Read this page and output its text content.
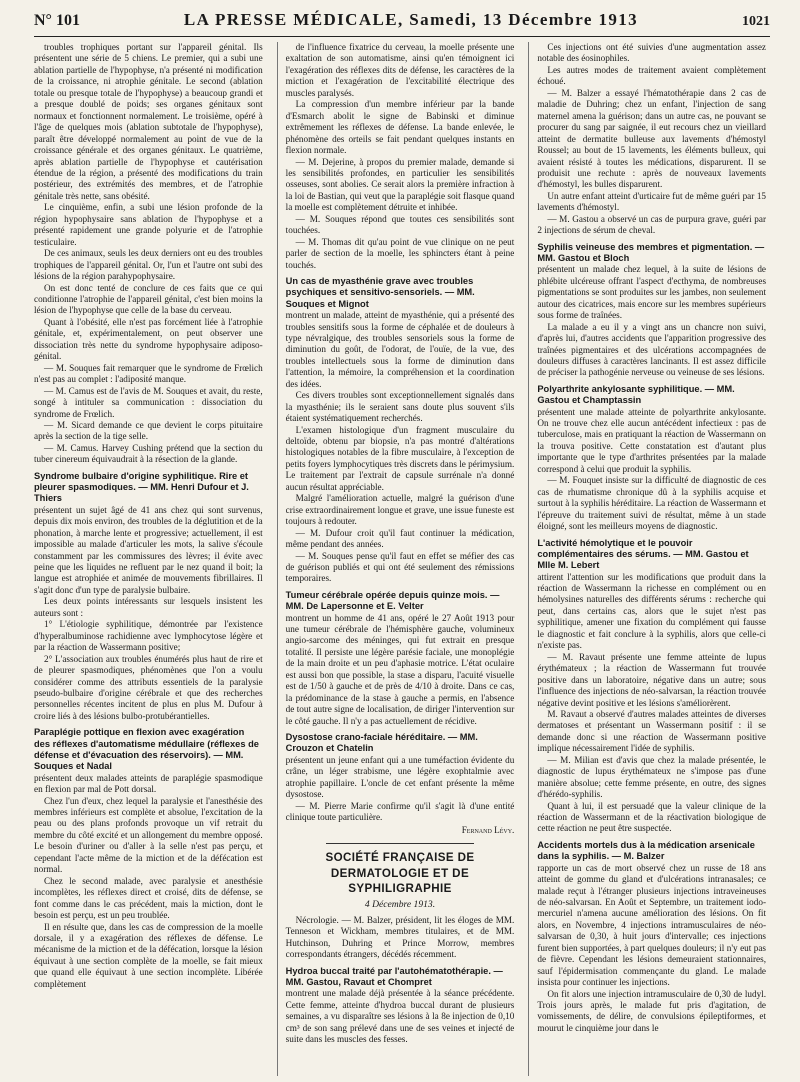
N° 101	LA PRESSE MÉDICALE, Samedi, 13 Décembre 1913	1021

troubles trophiques portant sur l'appareil génital. Ils présentent une série de 5 chiens. Le premier, qui a subi une ablation partielle de l'hypophyse, n'a présenté ni modification de la croissance, ni atrophie génitale. Le second (ablation totale ou presque totale de l'hypophyse) a beaucoup grandi et a presque doublé de poids; ses organes génitaux sont normaux et fonctionnent normalement. Le troisième, opéré à l'âge de quelques mois (ablation subtotale de l'hypophyse), paraît être développé normalement au point de vue de la croissance générale et des organes génitaux. Le quatrième, après ablation partielle de l'hypophyse et cautérisation étendue de la région, a présenté des modifications du train postérieur, des extrémités des membres, et de l'atrophie génitale très nette, sans obésité.

Le cinquième, enfin, a subi une lésion profonde de la région hypophysaire sans ablation de l'hypophyse et a présenté rapidement une grande polyurie et de l'atrophie testiculaire.

De ces animaux, seuls les deux derniers ont eu des troubles trophiques de l'appareil génital. Or, l'un et l'autre ont subi des lésions de la région parahypophysaire.

On est donc tenté de conclure de ces faits que ce qui conditionne l'atrophie de l'appareil génital, c'est bien moins la lésion de l'hypophyse que celle de la base du cerveau.

Quant à l'obésité, elle n'est pas forcément liée à l'atrophie génitale, et, expérimentalement, on peut observer une dissociation très nette du syndrome hypophysaire adiposo-génital.

— M. Souques fait remarquer que le syndrome de Frœlich n'est pas au complet : l'adiposité manque.

— M. Camus est de l'avis de M. Souques et avait, du reste, songé à intituler sa communication : dissociation du syndrome de Frœlich.

— M. Sicard demande ce que devient le corps pituitaire après la section de la tige selle.

— M. Camus. Harvey Cushing prétend que la section du tuber cinereum équivaudrait à la résection de la glande.

Syndrome bulbaire d'origine syphilitique. Rire et pleurer spasmodiques. — MM. Henri Dufour et J. Thiers

présentent un sujet âgé de 41 ans chez qui sont survenus, depuis dix mois environ, des troubles de la déglutition et de la phonation, à marche lente et progressive; actuellement, il est impossible au malade d'articuler les mots, la salive s'écoule constamment par les commissures des lèvres; il évite avec peine que les liquides ne refluent par le nez quand il boit; la langue est atrophiée et animée de mouvements fibrillaires. Il s'agit donc d'un type de paralysie bulbaire.

Les deux points intéressants sur lesquels insistent les auteurs sont :

1° L'étiologie syphilitique, démontrée par l'existence d'hyperalbuminose rachidienne avec lymphocytose légère et par la réaction de Wassermann positive;

2° L'association aux troubles énumérés plus haut de rire et de pleurer spasmodiques, phénomènes que l'on a voulu considérer comme des attributs essentiels de la paralysie pseudo-bulbaire d'origine cérébrale et que des recherches personnelles récentes incitent de plus en plus M. Dufour à croire liés à des lésions bulbo-protubérantielles.

Paraplégie pottique en flexion avec exagération des réflexes d'automatisme médullaire (réflexes de défense et d'évacuation des réservoirs). — MM. Souques et Nadal

présentent deux malades atteints de paraplégie spasmodique en flexion par mal de Pott dorsal.

Chez l'un d'eux, chez lequel la paralysie et l'anesthésie des membres inférieurs est complète et absolue, l'excitation de la peau ou des plans profonds provoque un vif retrait du membre du côté excité et un allongement du membre opposé. Le besoin d'uriner ou d'aller à la selle n'est pas perçu, et cependant l'acte même de la miction et de la défécation est normal.

Chez le second malade, avec paralysie et anesthésie incomplètes, les réflexes direct et croisé, dits de défense, se font comme dans le cas précédent, mais la miction, dont le besoin est perçu, est un peu troublée.

Il en résulte que, dans les cas de compression de la moelle dorsale, il y a exagération des réflexes de défense. Le mécanisme de la miction et de la défécation, lorsque la lésion équivaut à une section complète de la moelle, se fait mieux que quand elle équivaut à une section incomplète. Libérée complètement

de l'influence fixatrice du cerveau, la moelle présente une exaltation de son automatisme, ainsi qu'en témoignent ici l'exagération des réflexes dits de défense, les caractères de la miction et l'exagération de l'excitabilité électrique des muscles paralysés.

La compression d'un membre inférieur par la bande d'Esmarch abolit le signe de Babinski et diminue extrêmement les réflexes de défense. La bande enlevée, le phénomène des orteils se fait pendant quelques instants en flexion normale.

— M. Dejerine, à propos du premier malade, demande si les sensibilités profondes, en particulier les sensibilités osseuses, sont abolies. Ce serait alors la première infraction à la loi de Bastian, qui veut que la paraplégie soit flasque quand la moelle est complètement détruite et inhibée.

— M. Souques répond que toutes ces sensibilités sont touchées.

— M. Thomas dit qu'au point de vue clinique on ne peut parler de section de la moelle, les sphincters étant à peine touchés.

Un cas de myasthénie grave avec troubles psychiques et sensitivo-sensoriels. — MM. Souques et Mignot

montrent un malade, atteint de myasthénie, qui a présenté des troubles sensitifs sous la forme de céphalée et de douleurs à type névralgique, des troubles sensoriels sous la forme de diminution du goût, de l'odorat, de l'ouïe, de la vue, des troubles intellectuels sous la forme de diminution dans l'attention, la mémoire, la compréhension et la coordination des idées.

Ces divers troubles sont exceptionnellement signalés dans la myasthénie; ils le seraient sans doute plus souvent s'ils étaient systématiquement recherchés.

L'examen histologique d'un fragment musculaire du deltoïde, obtenu par biopsie, n'a pas montré d'altérations histologiques notables de la fibre musculaire, à l'exception de petits foyers lymphocytiques très discrets dans le périmysium. Le traitement par l'extrait de capsule surrénale n'a donné aucun résultat appréciable.

Malgré l'amélioration actuelle, malgré la guérison d'une crise extraordinairement longue et grave, une issue funeste est toujours à redouter.

— M. Dufour croit qu'il faut continuer la médication, même pendant des années.

— M. Souques pense qu'il faut en effet se méfier des cas de guérison publiés et qui ont été seulement des rémissions temporaires.

Tumeur cérébrale opérée depuis quinze mois. — MM. De Lapersonne et E. Velter

montrent un homme de 41 ans, opéré le 27 Août 1913 pour une tumeur cérébrale de l'hémisphère gauche, volumineux angio-sarcome des méninges, qui fut extrait en presque totalité. Il persiste une légère parésie faciale, une monoplégie de la main droite et un peu d'aphasie motrice. L'état oculaire est aussi bon que possible, la stase a disparu, l'acuité visuelle est de 1/50 à gauche et de près de 4/10 à droite. Dans ce cas, la prédominance de la stase à gauche a permis, en l'absence de tout autre signe de localisation, de diriger l'intervention sur le côté gauche. Il n'y a pas actuellement de récidive.

Dysostose crano-faciale héréditaire. — MM. Crouzon et Chatelin

présentent un jeune enfant qui a une tuméfaction évidente du crâne, un léger strabisme, une légère exophtalmie avec atrophie papillaire. L'oncle de cet enfant présente la même dysostose.

— M. Pierre Marie confirme qu'il s'agit là d'une entité clinique toute particulière.

Fernand Lévy.

SOCIÉTÉ FRANÇAISE DE DERMATOLOGIE ET DE SYPHILIGRAPHIE
4 Décembre 1913.

Nécrologie. — M. Balzer, président, lit les éloges de MM. Tenneson et Wickham, membres titulaires, et de MM. Hutchinson, Duhring et Prince Morrow, membres correspondants étrangers, décédés récemment.

Hydroa buccal traité par l'autohématothérapie. — MM. Gastou, Ravaut et Chompret

montrent une malade déjà présentée à la séance précédente. Cette femme, atteinte d'hydroa buccal durant de plusieurs semaines, a vu disparaître ses lésions à la 8e injection de 0,10 cm³ de son sang prélevé dans une de ses veines et injecté de suite dans les muscles des fesses.

Ces injections ont été suivies d'une augmentation assez notable des éosinophiles.

Les autres modes de traitement avaient complètement échoué.

— M. Balzer a essayé l'hématothérapie dans 2 cas de maladie de Duhring; chez un enfant, l'injection de sang maternel amena la guérison; dans un autre cas, ne pouvant se procurer du sang par saignée, il eut recours chez un vieillard atteint de dermatite bulleuse aux lavements d'hémostyl Roussel; au bout de 15 lavements, les éléments bulleux, qui avaient résisté à toutes les médications, disparurent. Il se produisit une rechute : après de nouveaux lavements d'hémostyl, les bulles disparurent.

Un autre enfant atteint d'urticaire fut de même guéri par 15 lavements d'hémostyl.

— M. Gastou a observé un cas de purpura grave, guéri par 2 injections de sérum de cheval.

Syphilis veineuse des membres et pigmentation. — MM. Gastou et Bloch

présentent un malade chez lequel, à la suite de lésions de phlébite ulcéreuse offrant l'aspect d'ecthyma, de nombreuses pigmentations se sont produites sur les jambes, non seulement autour des cicatrices, mais encore sur les membres supérieurs sous forme de traînées.

La malade a eu il y a vingt ans un chancre non suivi, d'après lui, d'autres accidents que l'apparition progressive des traînées pigmentaires et des ulcérations accompagnées de douleurs diffuses à caractères lancinants. Il est assez difficile de préciser la pathogénie nerveuse ou veineuse de ses lésions.

Polyarthrite ankylosante syphilitique. — MM. Gastou et Champtassin

présentent une malade atteinte de polyarthrite ankylosante. On ne trouve chez elle aucun antécédent infectieux : pas de tuberculose, mais en pratiquant la réaction de Wassermann on la trouva positive. Cette constatation est d'autant plus importante que le type d'arthrites présentées par la malade correspond à celui que produit la syphilis.

— M. Fouquet insiste sur la difficulté de diagnostic de ces cas de rhumatisme chronique dû à la syphilis acquise et surtout à la syphilis héréditaire. La réaction de Wassermann et l'épreuve du traitement suivi de résultat, même à un stade éloigné, sont les meilleurs moyens de diagnostic.

L'activité hémolytique et le pouvoir complémentaires des sérums. — MM. Gastou et Mlle M. Lebert

attirent l'attention sur les modifications que produit dans la réaction de Wassermann la richesse en complément ou en hémolysines naturelles des différents sérums : recherche qui peut, dans certains cas, alors que le sujet n'est pas syphilitique, amener une fixation du complément qui fausse le diagnostic et fait conclure à la syphilis, alors que celle-ci n'existe pas.

— M. Ravaut présente une femme atteinte de lupus érythémateux ; la réaction de Wassermann fut trouvée positive dans un laboratoire, négative dans un autre; sous l'influence des injections de néo-salvarsan, la réaction trouvée négative devint positive et les lésions s'améliorèrent.

M. Ravaut a observé d'autres malades atteintes de diverses dermatoses et présentant un Wassermann positif : il se demande donc si une réaction de Wassermann positive implique nécessairement l'idée de syphilis.

— M. Milian est d'avis que chez la malade présentée, le diagnostic de lupus érythémateux ne s'impose pas d'une manière absolue; cette femme présente, en outre, des signes d'hérédo-syphilis.

Quant à lui, il est persuadé que la valeur clinique de la réaction de Wassermann et de la réactivation biologique de cette réaction ne peut être suspectée.

Accidents mortels dus à la médication arsenicale dans la syphilis. — M. Balzer

rapporte un cas de mort observé chez un russe de 18 ans atteint de gomme du gland et d'ulcérations intranasales; ce malade reçut à l'étranger plusieurs injections intraveineuses de néo-salvarsan. En Août et Septembre, un traitement iodo-mercuriel n'amena aucune amélioration des lésions. On fit alors, en Novembre, 4 injections intramusculaires de néo-salvarsan de 0,30, à huit jours d'intervalle; ces injections furent bien supportées, à part quelques douleurs; il n'y eut pas de fièvre. Cependant les lésions demeuraient stationnaires, sauf l'épidermisation commençante du gland. Le malade insista pour continuer les injections.

On fit alors une injection intramusculaire de 0,30 de ludyl. Trois jours après, le malade fut pris d'agitation, de vomissements, de délire, de convulsions épileptiformes, et mourut le cinquième jour dans le
